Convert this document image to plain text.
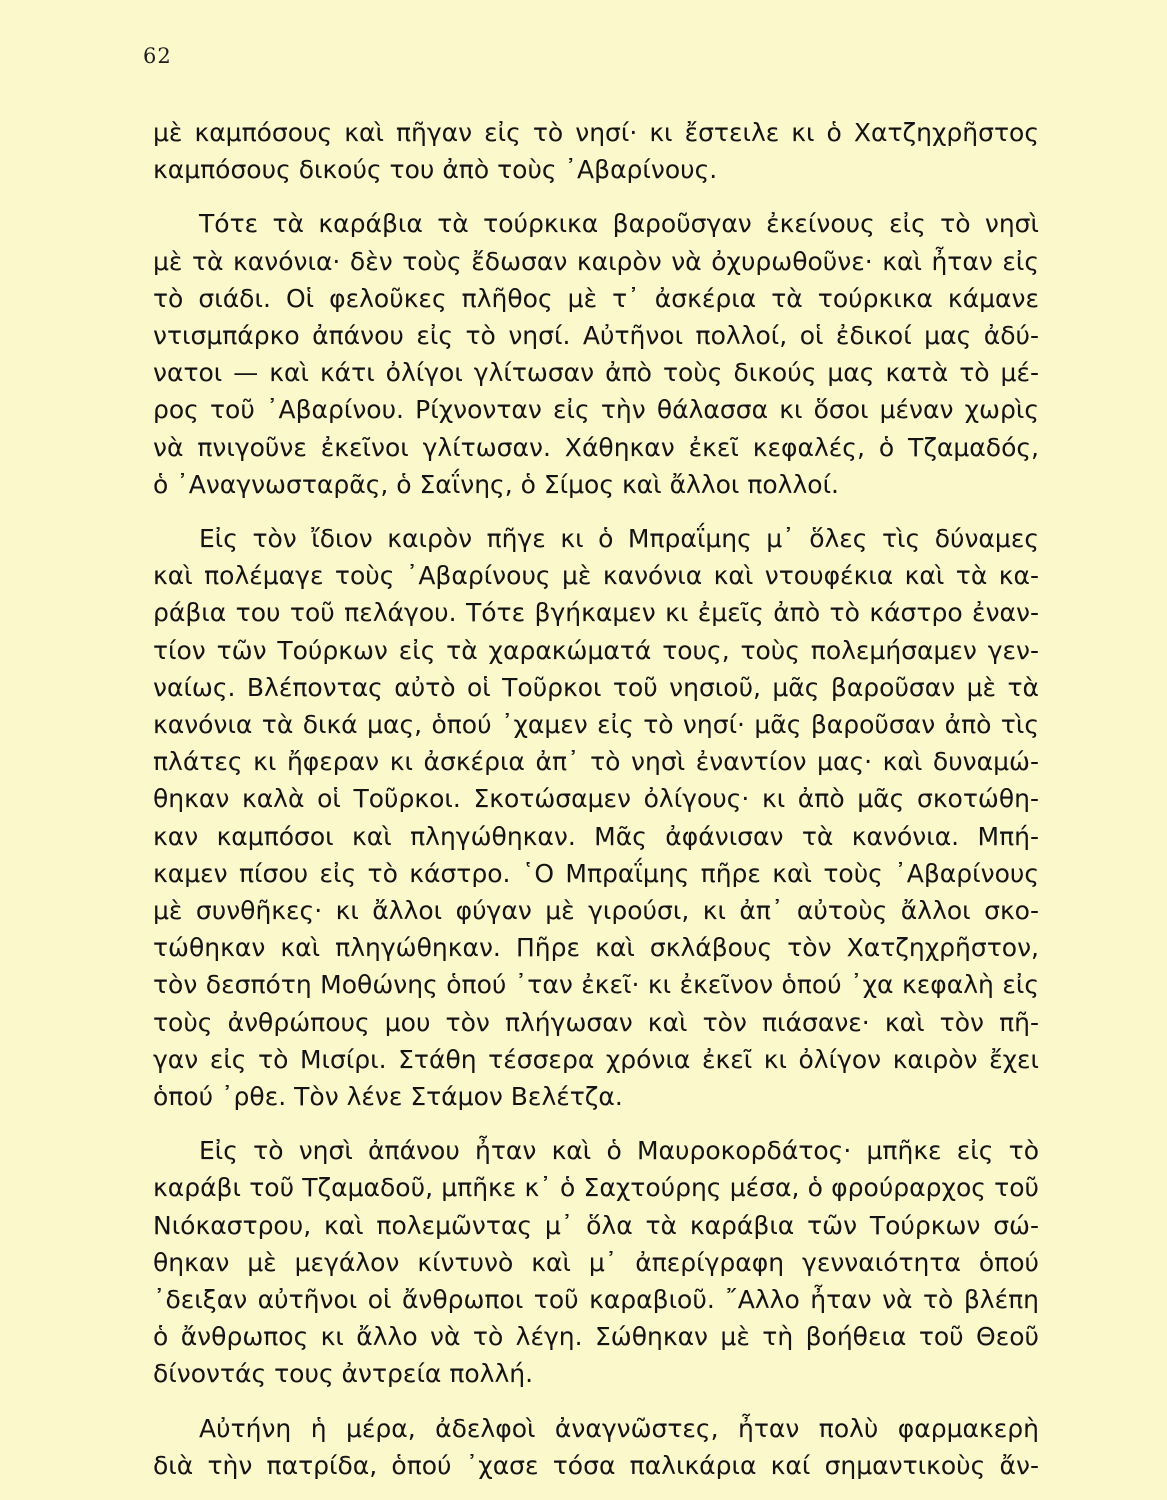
62
μὲ καμπόσους καὶ πῆγαν εἰς τὸ νησί· κι ἔστειλε κι ὁ Χατζηχρῆστος
καμπόσους δικούς του ἀπὸ τοὺς ᾿Αβαρίνους.
Τότε τὰ καράβια τὰ τούρκικα βαροῦσγαν ἐκείνους εἰς τὸ νησὶ
μὲ τὰ κανόνια· δὲν τοὺς ἔδωσαν καιρὸν νὰ ὀχυρωθοῦνε· καὶ ἦταν εἰς
τὸ σιάδι. Οἱ φελοῦκες πλῆθος μὲ τ᾿ ἀσκέρια τὰ τούρκικα κάμανε
ντισμπάρκο ἀπάνου εἰς τὸ νησί. Αὐτῆνοι πολλοί, οἱ ἐδικοί μας ἀδύ-
νατοι — καὶ κάτι ὀλίγοι γλίτωσαν ἀπὸ τοὺς δικούς μας κατὰ τὸ μέ-
ρος τοῦ ᾿Αβαρίνου. Ρίχνονταν εἰς τὴν θάλασσα κι ὅσοι μέναν χωρὶς
νὰ πνιγοῦνε ἐκεῖνοι γλίτωσαν. Χάθηκαν ἐκεῖ κεφαλές, ὁ Τζαμαδός,
ὁ ᾿Αναγνωσταρᾶς, ὁ Σαΐνης, ὁ Σίμος καὶ ἄλλοι πολλοί.
Εἰς τὸν ἴδιον καιρὸν πῆγε κι ὁ Μπραΐμης μ᾿ ὅλες τὶς δύναμες
καὶ πολέμαγε τοὺς ᾿Αβαρίνους μὲ κανόνια καὶ ντουφέκια καὶ τὰ κα-
ράβια του τοῦ πελάγου. Τότε βγήκαμεν κι ἐμεῖς ἀπὸ τὸ κάστρο ἐναν-
τίον τῶν Τούρκων εἰς τὰ χαρακώματά τους, τοὺς πολεμήσαμεν γεν-
ναίως. Βλέποντας αὐτὸ οἱ Τοῦρκοι τοῦ νησιοῦ, μᾶς βαροῦσαν μὲ τὰ
κανόνια τὰ δικά μας, ὁπού ᾿χαμεν εἰς τὸ νησί· μᾶς βαροῦσαν ἀπὸ τὶς
πλάτες κι ἤφεραν κι ἀσκέρια ἀπ᾿ τὸ νησὶ ἐναντίον μας· καὶ δυναμώ-
θηκαν καλὰ οἱ Τοῦρκοι. Σκοτώσαμεν ὀλίγους· κι ἀπὸ μᾶς σκοτώθη-
καν καμπόσοι καὶ πληγώθηκαν. Μᾶς ἀφάνισαν τὰ κανόνια. Μπή-
καμεν πίσου εἰς τὸ κάστρο. ῾Ο Μπραΐμης πῆρε καὶ τοὺς ᾿Αβαρίνους
μὲ συνθῆκες· κι ἄλλοι φύγαν μὲ γιρούσι, κι ἀπ᾿ αὐτοὺς ἄλλοι σκο-
τώθηκαν καὶ πληγώθηκαν. Πῆρε καὶ σκλάβους τὸν Χατζηχρῆστον,
τὸν δεσπότη Μοθώνης ὁπού ᾿ταν ἐκεῖ· κι ἐκεῖνον ὁπού ᾿χα κεφαλὴ εἰς
τοὺς ἀνθρώπους μου τὸν πλήγωσαν καὶ τὸν πιάσανε· καὶ τὸν πῆ-
γαν εἰς τὸ Μισίρι. Στάθη τέσσερα χρόνια ἐκεῖ κι ὀλίγον καιρὸν ἔχει
ὁπού ᾿ρθε. Τὸν λένε Στάμον Βελέτζα.
Εἰς τὸ νησὶ ἀπάνου ἦταν καὶ ὁ Μαυροκορδάτος· μπῆκε εἰς τὸ
καράβι τοῦ Τζαμαδοῦ, μπῆκε κ᾿ ὁ Σαχτούρης μέσα, ὁ φρούραρχος τοῦ
Νιόκαστρου, καὶ πολεμῶντας μ᾿ ὅλα τὰ καράβια τῶν Τούρκων σώ-
θηκαν μὲ μεγάλον κίντυνὸ καὶ μ᾿ ἀπερίγραφη γενναιότητα ὁπού
᾿δειξαν αὐτῆνοι οἱ ἄνθρωποι τοῦ καραβιοῦ. ῎Αλλο ἦταν νὰ τὸ βλέπη
ὁ ἄνθρωπος κι ἄλλο νὰ τὸ λέγη. Σώθηκαν μὲ τὴ βοήθεια τοῦ Θεοῦ
δίνοντάς τους ἀντρεία πολλή.
Αὐτήνη ἡ μέρα, ἀδελφοὶ ἀναγνῶστες, ἦταν πολὺ φαρμακερὴ
διὰ τὴν πατρίδα, ὁπού ᾿χασε τόσα παλικάρια καί σημαντικοὺς ἄν-
